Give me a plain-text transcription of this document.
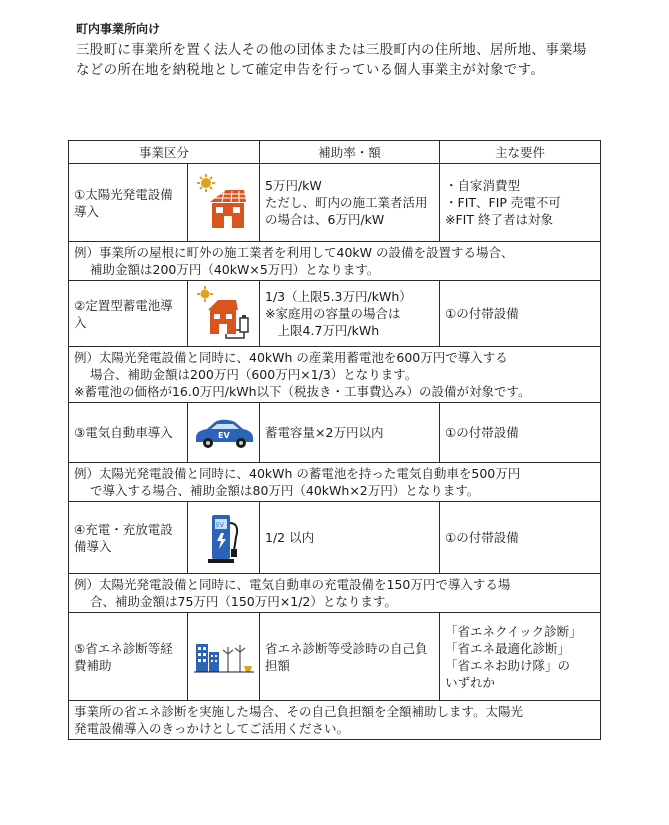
町内事業所向け
三股町に事業所を置く法人その他の団体または三股町内の住所地、居所地、事業場などの所在地を納税地として確定申告を行っている個人事業主が対象です。
事業区分		補助率・額	主な要件
①太陽光発電設備導入		5万円/kW
ただし、町内の施工業者活用の場合は、6万円/kW	・自家消費型
・FIT、FIP 売電不可
※FIT 終了者は対象
例）事業所の屋根に町外の施工業者を利用して40kW の設備を設置する場合、
補助金額は200万円（40kW×5万円）となります。			

②定置型蓄電池導入		1/3（上限5.3万円/kWh）
※家庭用の容量の場合は
　上限4.7万円/kWh	①の付帯設備
例）太陽光発電設備と同時に、40kWh の産業用蓄電池を600万円で導入する
場合、補助金額は200万円（600万円×1/3）となります。
※蓄電池の価格が16.0万円/kWh以下（税抜き・工事費込み）の設備が対象です。			

③電気自動車導入	EV	蓄電容量×2万円以内	①の付帯設備
例）太陽光発電設備と同時に、40kWh の蓄電池を持った電気自動車を500万円
で導入する場合、補助金額は80万円（40kWh×2万円）となります。			

④充電・充放電設備導入	EV	1/2 以内	①の付帯設備
例）太陽光発電設備と同時に、電気自動車の充電設備を150万円で導入する場
合、補助金額は75万円（150万円×1/2）となります。			

⑤省エネ診断等経費補助		省エネ診断等受診時の自己負担額	「省エネクイック診断」
「省エネ最適化診断」
「省エネお助け隊」の
いずれか
事業所の省エネ診断を実施した場合、その自己負担額を全額補助します。太陽光
発電設備導入のきっかけとしてご活用ください。			
